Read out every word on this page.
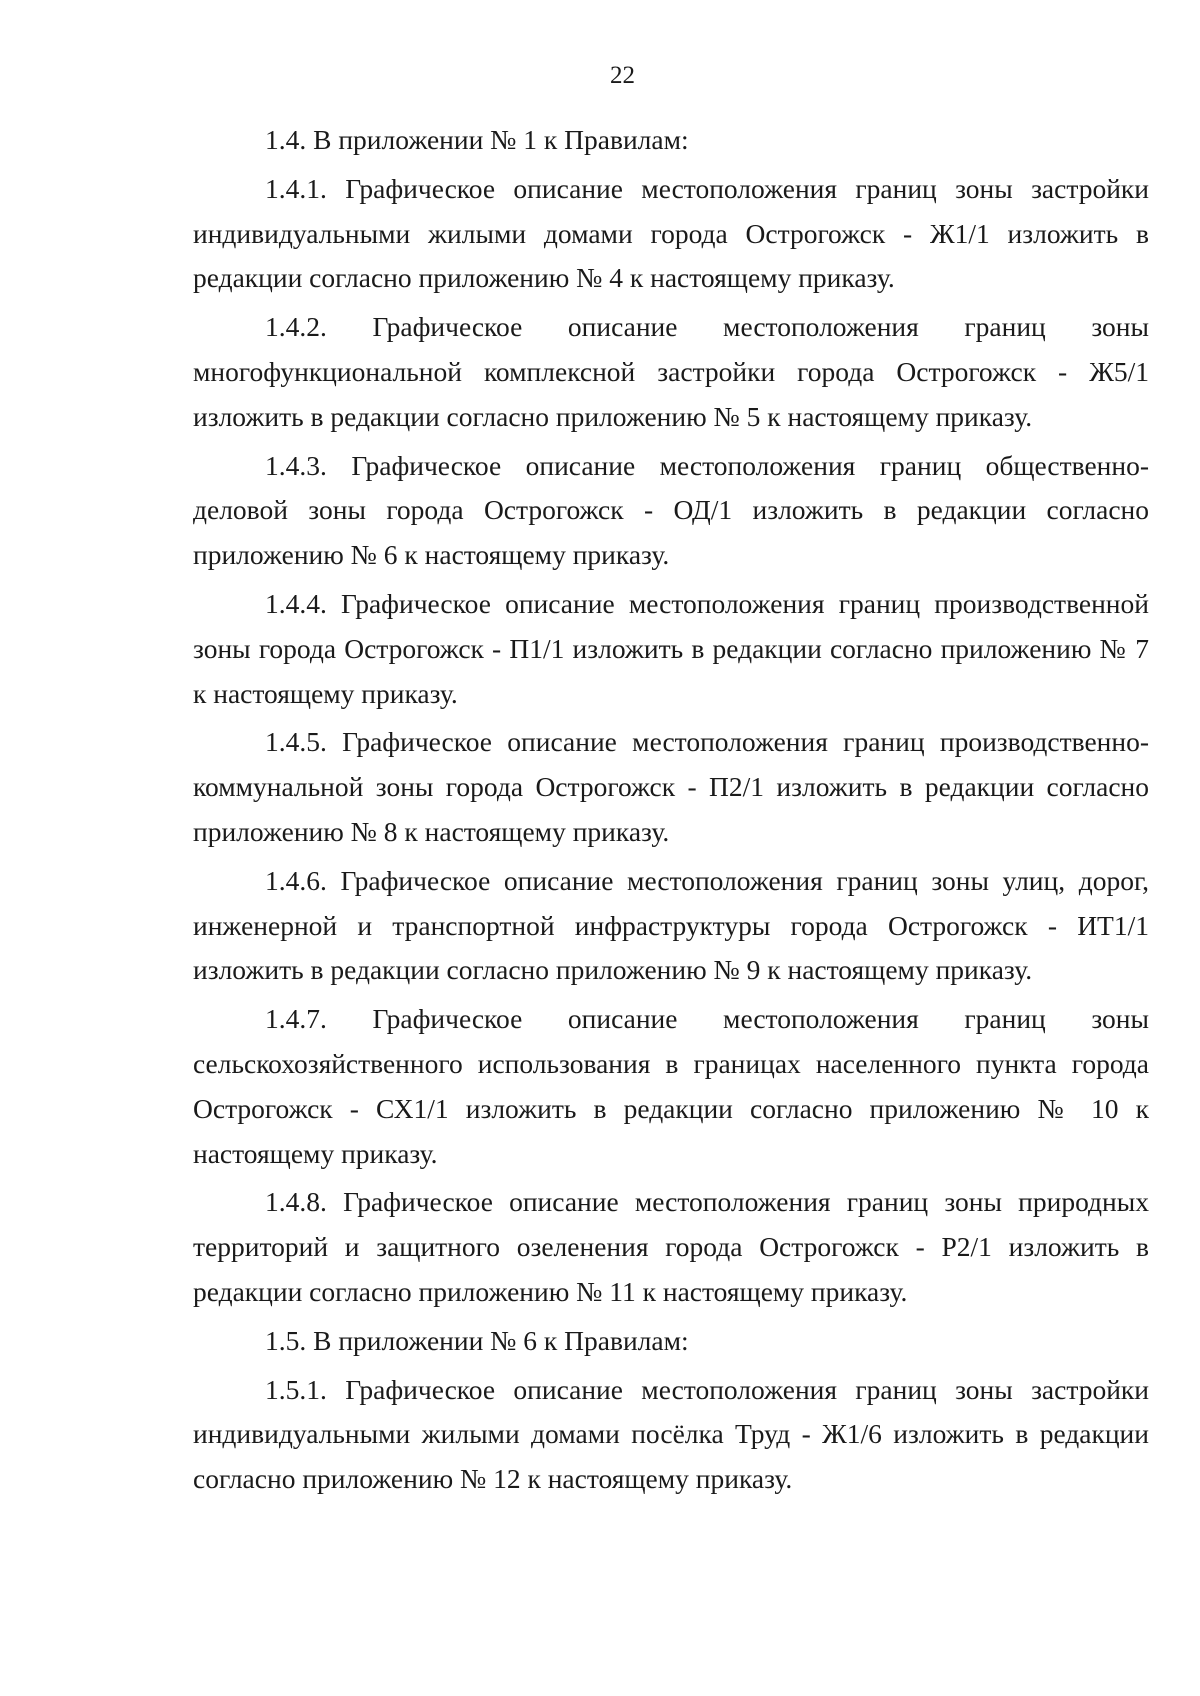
22

1.4. В приложении № 1 к Правилам:

1.4.1. Графическое описание местоположения границ зоны застройки индивидуальными жилыми домами города Острогожск - Ж1/1 изложить в редакции согласно приложению № 4 к настоящему приказу.

1.4.2. Графическое описание местоположения границ зоны многофункциональной комплексной застройки города Острогожск - Ж5/1 изложить в редакции согласно приложению № 5 к настоящему приказу.

1.4.3. Графическое описание местоположения границ общественно-деловой зоны города Острогожск - ОД/1 изложить в редакции согласно приложению № 6 к настоящему приказу.

1.4.4. Графическое описание местоположения границ производственной зоны города Острогожск - П1/1 изложить в редакции согласно приложению № 7 к настоящему приказу.

1.4.5. Графическое описание местоположения границ производственно-коммунальной зоны города Острогожск - П2/1 изложить в редакции согласно приложению № 8 к настоящему приказу.

1.4.6. Графическое описание местоположения границ зоны улиц, дорог, инженерной и транспортной инфраструктуры города Острогожск - ИТ1/1 изложить в редакции согласно приложению № 9 к настоящему приказу.

1.4.7. Графическое описание местоположения границ зоны сельскохозяйственного использования в границах населенного пункта города Острогожск - СХ1/1 изложить в редакции согласно приложению № 10 к настоящему приказу.

1.4.8. Графическое описание местоположения границ зоны природных территорий и защитного озеленения города Острогожск - Р2/1 изложить в редакции согласно приложению № 11 к настоящему приказу.

1.5. В приложении № 6 к Правилам:

1.5.1. Графическое описание местоположения границ зоны застройки индивидуальными жилыми домами посёлка Труд - Ж1/6 изложить в редакции согласно приложению № 12 к настоящему приказу.
